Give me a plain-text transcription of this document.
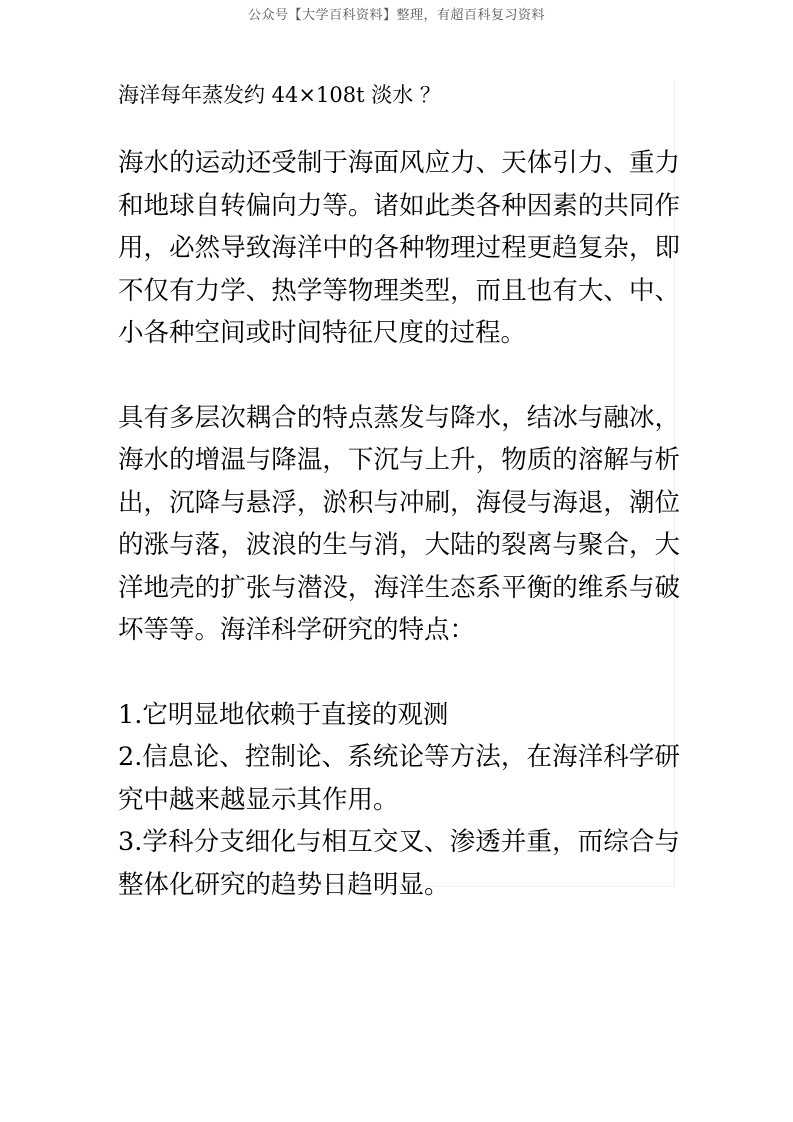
公众号【大学百科资料】整理，有超百科复习资料
海洋每年蒸发约 44×108t 淡水 ？

海水的运动还受制于海面风应力、天体引力、重力和地球自转偏向力等。诸如此类各种因素的共同作用，必然导致海洋中的各种物理过程更趋复杂，即不仅有力学、热学等物理类型，而且也有大、中、小各种空间或时间特征尺度的过程。

具有多层次耦合的特点蒸发与降水，结冰与融冰，海水的增温与降温，下沉与上升，物质的溶解与析出，沉降与悬浮，淤积与冲刷，海侵与海退，潮位的涨与落，波浪的生与消，大陆的裂离与聚合，大洋地壳的扩张与潜没，海洋生态系平衡的维系与破坏等等。海洋科学研究的特点：

1.它明显地依赖于直接的观测

2.信息论、控制论、系统论等方法，在海洋科学研究中越来越显示其作用。

3.学科分支细化与相互交叉、渗透并重，而综合与整体化研究的趋势日趋明显。
